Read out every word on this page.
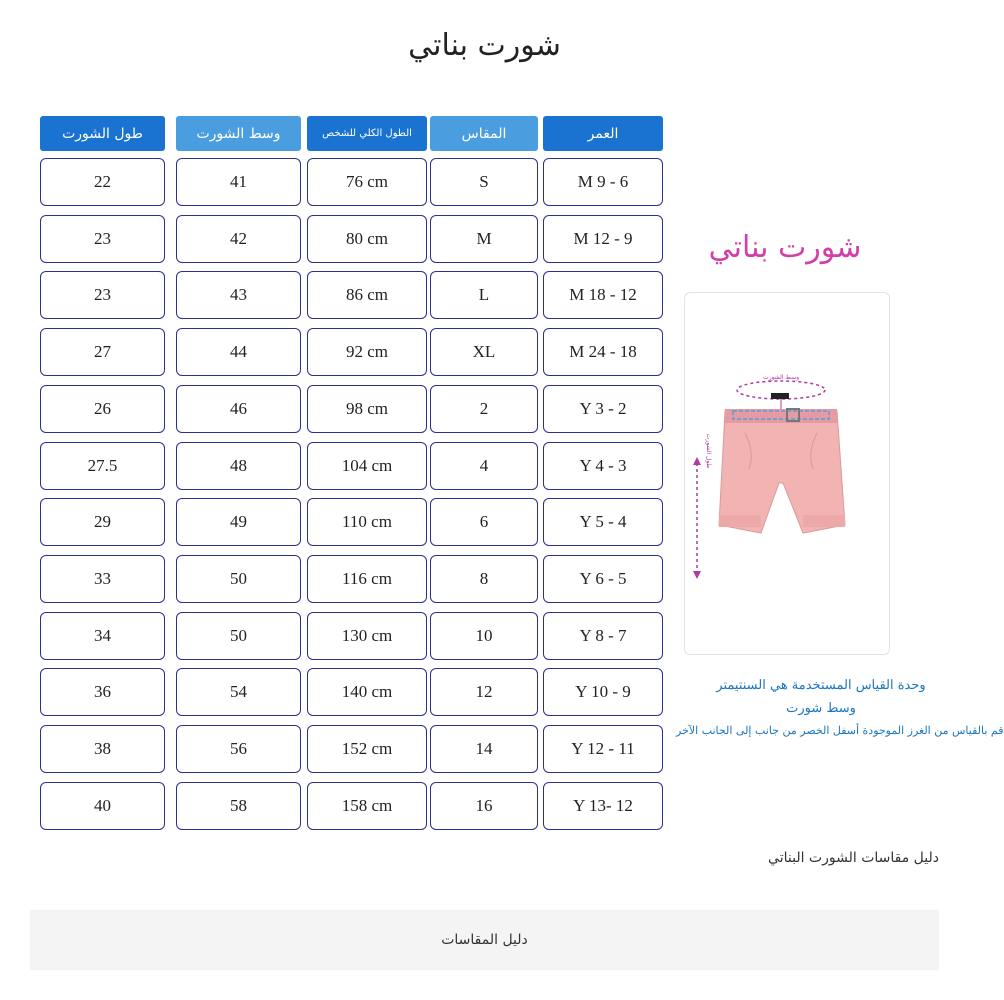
شورت بناتي
طول الشورت	وسط الشورت	الطول الكلي للشخص	المقاس	العمر
22	41	76 cm	S	M 9 - 6
23	42	80 cm	M	M 12 - 9
23	43	86 cm	L	M 18 - 12
27	44	92 cm	XL	M 24 - 18
26	46	98 cm	2	Y 3 - 2
27.5	48	104 cm	4	Y 4 - 3
29	49	110 cm	6	Y 5 - 4
33	50	116 cm	8	Y 6 - 5
34	50	130 cm	10	Y 8 - 7
36	54	140 cm	12	Y 10 - 9
38	56	152 cm	14	Y 12 - 11
40	58	158 cm	16	Y 13- 12
شورت بناتي
وسط الشورت
طول الشورت
وحدة القياس المستخدمة هي السنتيمتر
وسط شورت
قم بالقياس من الغرز الموجودة أسفل الخصر من جانب إلى الجانب الآخر
دليل مقاسات الشورت البناتي
دليل المقاسات
